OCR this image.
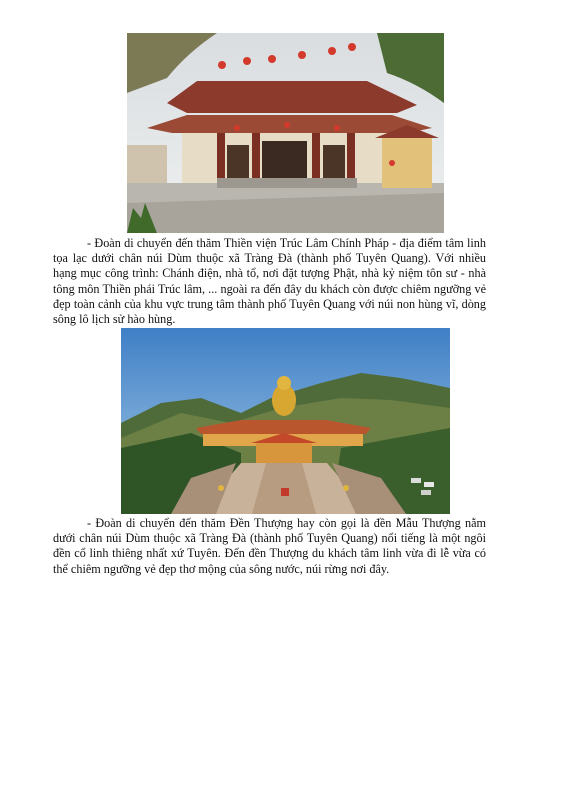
- Đoàn di chuyển đến thăm Thiền viện Trúc Lâm Chính Pháp - địa điểm tâm linh tọa lạc dưới chân núi Dùm thuộc xã Tràng Đà (thành phố Tuyên Quang). Với nhiều hạng mục công trình: Chánh điện, nhà tổ, nơi đặt tượng Phật, nhà kỷ niệm tôn sư - nhà tông môn Thiền phái Trúc lâm, ... ngoài ra đến đây du khách còn được chiêm ngưỡng vẻ đẹp toàn cảnh của khu vực trung tâm thành phố Tuyên Quang với núi non hùng vĩ, dòng sông lô lịch sử hào hùng.

- Đoàn di chuyển đến thăm Đền Thượng hay còn gọi là đền Mẫu Thượng nằm dưới chân núi Dùm thuộc xã Tràng Đà (thành phố Tuyên Quang) nổi tiếng là một ngôi đền cổ linh thiêng nhất xứ Tuyên. Đến đền Thượng du khách tâm linh vừa đi lễ vừa có thể chiêm ngưỡng vẻ đẹp thơ mộng của sông nước, núi rừng nơi đây.
